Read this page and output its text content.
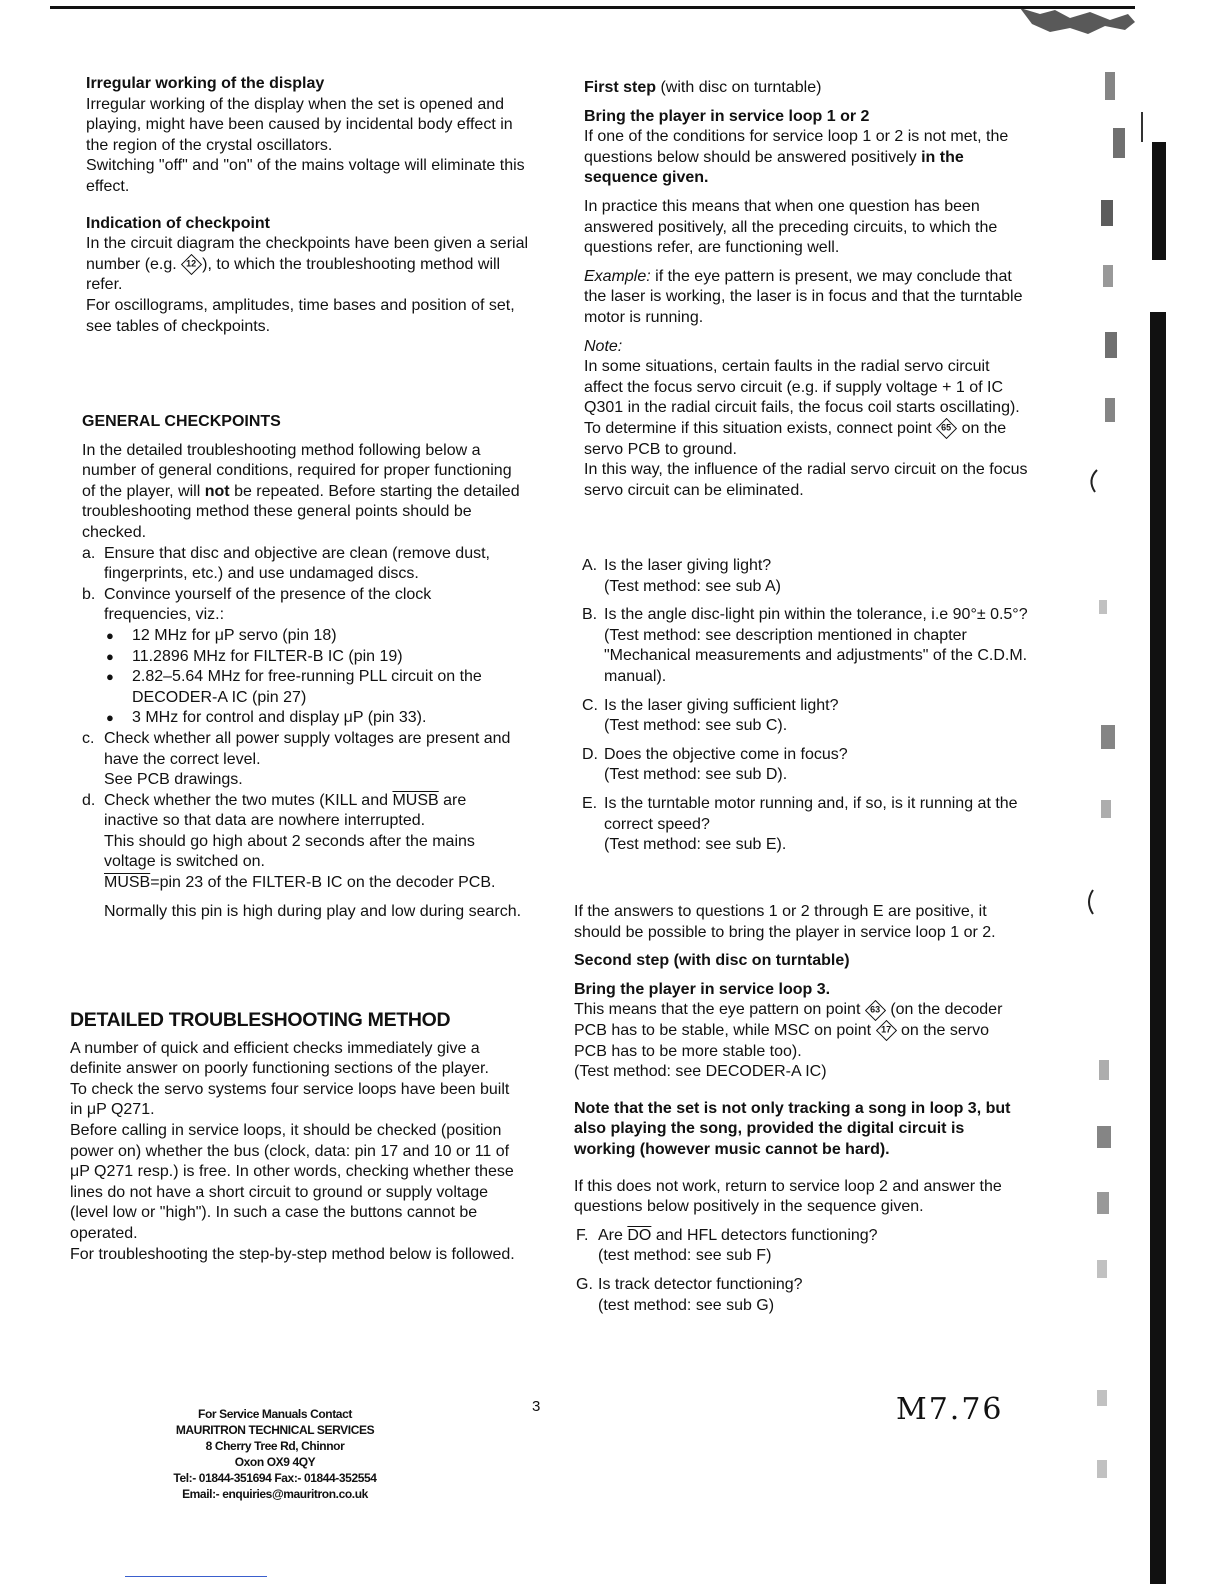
Irregular working of the display

Irregular working of the display when the set is opened and playing, might have been caused by incidental body effect in the region of the crystal oscillators.

Switching "off" and "on" of the mains voltage will eliminate this effect.

Indication of checkpoint

In the circuit diagram the checkpoints have been given a serial number (e.g. 12 ), to which the troubleshooting method will refer.

For oscillograms, amplitudes, time bases and position of set, see tables of checkpoints.

GENERAL CHECKPOINTS

In the detailed troubleshooting method following below a number of general conditions, required for proper functioning of the player, will not be repeated. Before starting the detailed troubleshooting method these general points should be checked.

a. Ensure that disc and objective are clean (remove dust, fingerprints, etc.) and use undamaged discs.
b. Convince yourself of the presence of the clock frequencies, viz.:
●	12 MHz for μP servo (pin 18)
●	11.2896 MHz for FILTER-B IC (pin 19)
●	2.82–5.64 MHz for free-running PLL circuit on the DECODER-A IC (pin 27)
●	3 MHz for control and display μP (pin 33).
c. Check whether all power supply voltages are present and have the correct level.

See PCB drawings.

d. Check whether the two mutes (KILL and MUSB are inactive so that data are nowhere interrupted.

This should go high about 2 seconds after the mains voltage is switched on.

MUSB=pin 23 of the FILTER-B IC on the decoder PCB.

Normally this pin is high during play and low during search.

DETAILED TROUBLESHOOTING METHOD

A number of quick and efficient checks immediately give a definite answer on poorly functioning sections of the player.

To check the servo systems four service loops have been built in μP Q271.

Before calling in service loops, it should be checked (position power on) whether the bus (clock, data: pin 17 and 10 or 11 of μP Q271 resp.) is free. In other words, checking whether these lines do not have a short circuit to ground or supply voltage (level low or "high"). In such a case the buttons cannot be operated.

For troubleshooting the step-by-step method below is followed.

First step (with disc on turntable)

Bring the player in service loop 1 or 2

If one of the conditions for service loop 1 or 2 is not met, the questions below should be answered positively in the sequence given.

In practice this means that when one question has been answered positively, all the preceding circuits, to which the questions refer, are functioning well.

Example: if the eye pattern is present, we may conclude that the laser is working, the laser is in focus and that the turntable motor is running.

Note:

In some situations, certain faults in the radial servo circuit affect the focus servo circuit (e.g. if supply voltage + 1 of IC Q301 in the radial circuit fails, the focus coil starts oscillating).

To determine if this situation exists, connect point 65 on the servo PCB to ground.

In this way, the influence of the radial servo circuit on the focus servo circuit can be eliminated.

A. Is the laser giving light?

(Test method: see sub A)

B. Is the angle disc-light pin within the tolerance, i.e 90°± 0.5°?

(Test method: see description mentioned in chapter "Mechanical measurements and adjustments" of the C.D.M. manual).

C. Is the laser giving sufficient light?

(Test method: see sub C).

D. Does the objective come in focus?

(Test method: see sub D).

E. Is the turntable motor running and, if so, is it running at the correct speed?

(Test method: see sub E).

If the answers to questions 1 or 2 through E are positive, it should be possible to bring the player in service loop 1 or 2.

Second step (with disc on turntable)

Bring the player in service loop 3.

This means that the eye pattern on point 63 (on the decoder PCB has to be stable, while MSC on point 17 on the servo PCB has to be more stable too).

(Test method: see DECODER-A IC)

Note that the set is not only tracking a song in loop 3, but also playing the song, provided the digital circuit is working (however music cannot be hard).

If this does not work, return to service loop 2 and answer the questions below positively in the sequence given.

F. Are $\overline{DO}$ and HFL detectors functioning?

(test method: see sub F)

G. Is track detector functioning?

(test method: see sub G)

3
For Service Manuals Contact
MAURITRON TECHNICAL SERVICES
8 Cherry Tree Rd, Chinnor
Oxon OX9 4QY
Tel:- 01844-351694 Fax:- 01844-352554
Email:- enquiries@mauritron.co.uk
M7.76
